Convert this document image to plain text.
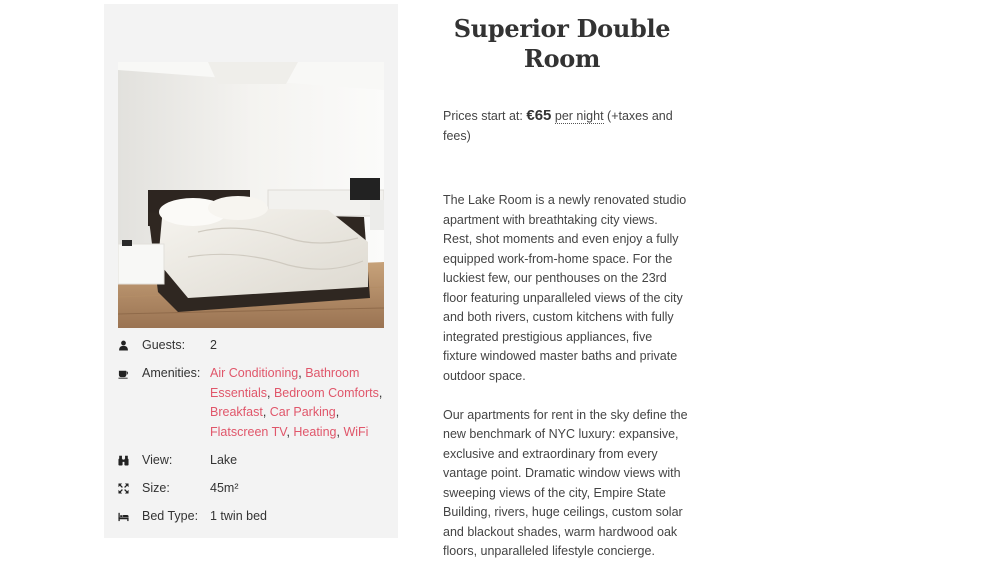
Guests:	2
Amenities: Air Conditioning, Bathroom Essentials, Bedroom Comforts, Breakfast, Car Parking, Flatscreen TV, Heating, WiFi
View:	Lake
Size:	45m²
Bed Type: 1 twin bed
Superior Double Room

Prices start at: €65 per night (+taxes and fees)

The Lake Room is a newly renovated studio apartment with breathtaking city views. Rest, shot moments and even enjoy a fully equipped work-from-home space. For the luckiest few, our penthouses on the 23rd floor featuring unparalleled views of the city and both rivers, custom kitchens with fully integrated prestigious appliances, five fixture windowed master baths and private outdoor space.

Our apartments for rent in the sky define the new benchmark of NYC luxury: expansive, exclusive and extraordinary from every vantage point. Dramatic window views with sweeping views of the city, Empire State Building, rivers, huge ceilings, custom solar and blackout shades, warm hardwood oak floors, unparalleled lifestyle concierge.
